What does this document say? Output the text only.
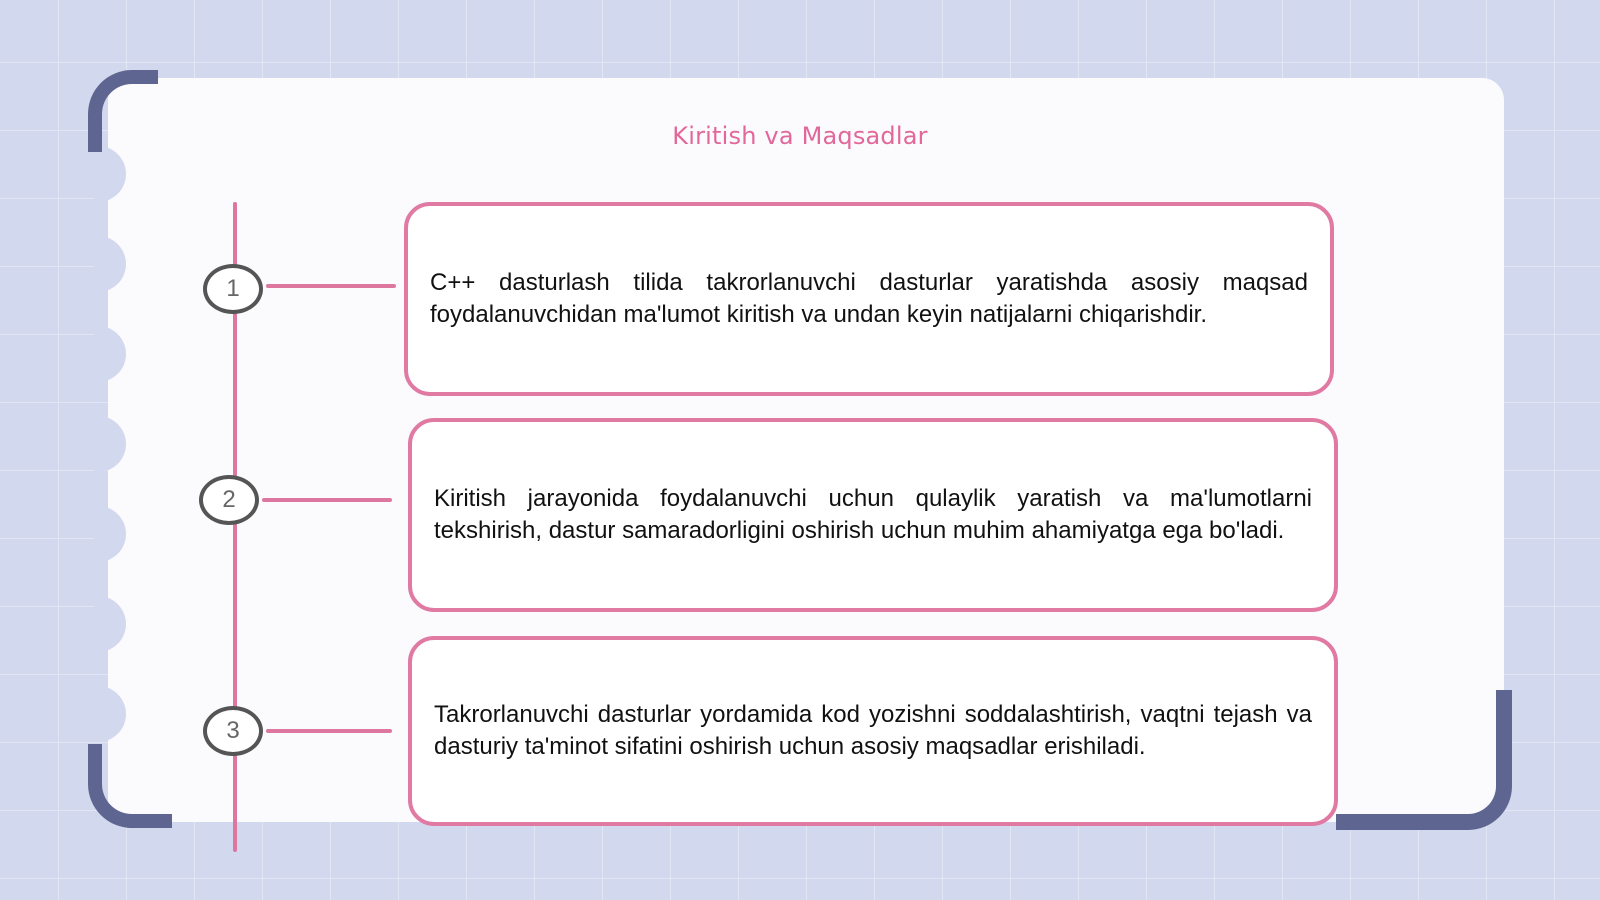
Kiritish va Maqsadlar
1	C++ dasturlash tilida takrorlanuvchi dasturlar yaratishda asosiy maqsad foydalanuvchidan ma'lumot kiritish va undan keyin natijalarni chiqarishdir.
2	Kiritish jarayonida foydalanuvchi uchun qulaylik yaratish va ma'lumotlarni tekshirish, dastur samaradorligini oshirish uchun muhim ahamiyatga ega bo'ladi.
3
Takrorlanuvchi dasturlar yordamida kod yozishni soddalashtirish, vaqtni tejash va dasturiy ta'minot sifatini oshirish uchun asosiy maqsadlar erishiladi.
